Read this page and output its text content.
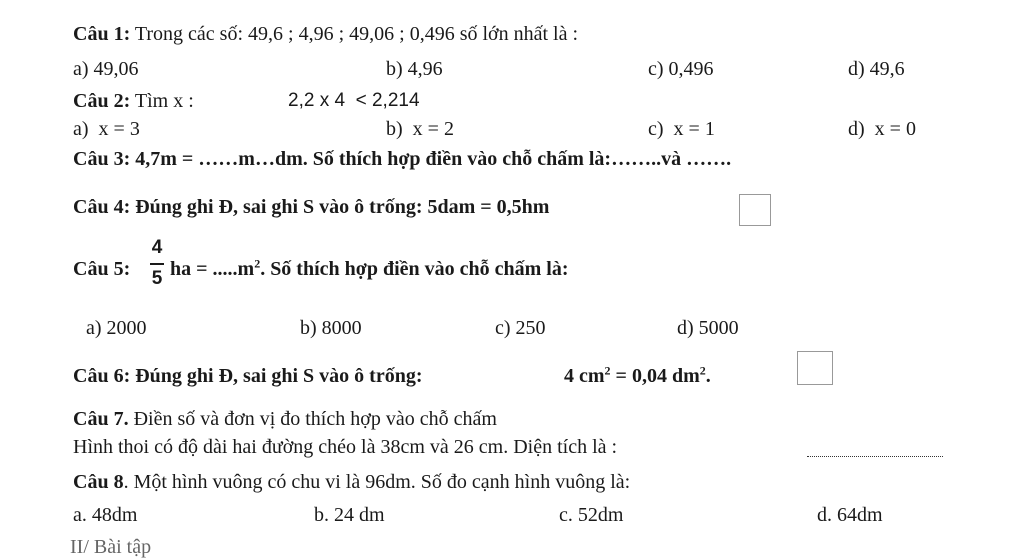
Câu 1: Trong các số: 49,6 ; 4,96 ; 49,06 ; 0,496 số lớn nhất là :
a) 49,06	b) 4,96	c) 0,496	d) 49,6
Câu 2: Tìm x :	2,2 x 4  < 2,214
a)  x = 3	b)  x = 2	c)  x = 1	d)  x = 0
Câu 3: 4,7m = ……m…dm. Số thích hợp điền vào chỗ chấm là:……..và …….
Câu 4: Đúng ghi Đ, sai ghi S vào ô trống: 5dam = 0,5hm
Câu 5:
4
5 ha = $.....m^2$. Số thích hợp điền vào chỗ chấm là:
a) 2000	b) 8000	c) 250	d) 5000
Câu 6: Đúng ghi Đ, sai ghi S vào ô trống:	4 $cm^2 = 0,04$ $dm^2$.
Câu 7. Điền số và đơn vị đo thích hợp vào chỗ chấm
Hình thoi có độ dài hai đường chéo là 38cm và 26 cm. Diện tích là :
Câu 8. Một hình vuông có chu vi là 96dm. Số đo cạnh hình vuông là:
a. 48dm	b. 24 dm	c. 52dm	d. 64dm
II/ Bài tập
